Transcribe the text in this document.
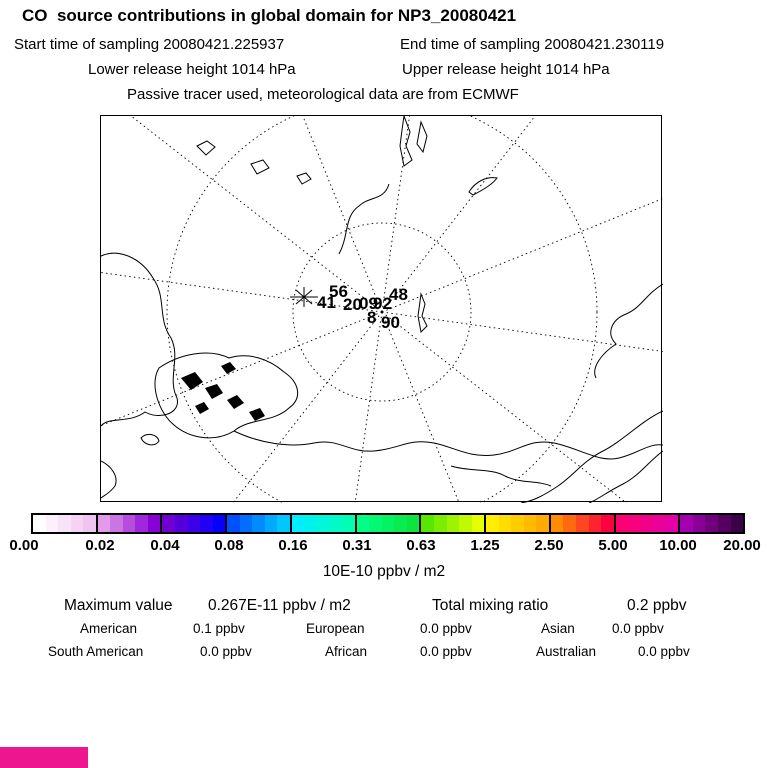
CO  source contributions in global domain for NP3_20080421
Start time of sampling 20080421.225937	End time of sampling 20080421.230119
Lower release height 1014 hPa	Upper release height 1014 hPa
Passive tracer used, meteorological data are from ECMWF
56 48
41 20
09
92
8 90
0.00	0.02 0.04 0.08 0.16 0.31 0.63 1.25 2.50 5.00 10.00 20.00
10E-10 ppbv / m2
Maximum value 0.267E-11 ppbv / m2	Total mixing ratio	0.2 ppbv
American	0.1 ppbv	European	0.0 ppbv	Asian	0.0 ppbv
South American	0.0 ppbv	African	0.0 ppbv	Australian	0.0 ppbv
